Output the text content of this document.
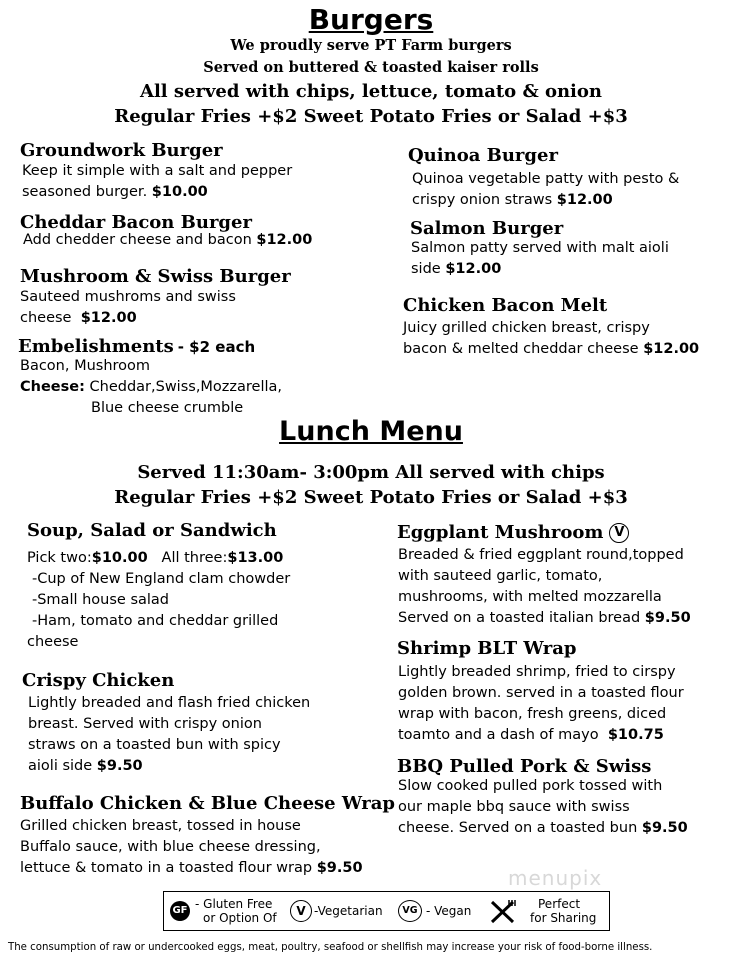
Burgers
We proudly serve PT Farm burgers
Served on buttered & toasted kaiser rolls
All served with chips, lettuce, tomato & onion
Regular Fries +$2 Sweet Potato Fries or Salad +$3
Groundwork Burger
Keep it simple with a salt and pepper
seasoned burger. $10.00
Cheddar Bacon Burger
Add chedder cheese and bacon $12.00
Mushroom & Swiss Burger
Sauteed mushroms and swiss
cheese $12.00
Embelishments - $2 each
Bacon, Mushroom
Cheese: Cheddar,Swiss,Mozzarella,
Blue cheese crumble
Quinoa Burger
Quinoa vegetable patty with pesto &
crispy onion straws $12.00
Salmon Burger
Salmon patty served with malt aioli
side $12.00
Chicken Bacon Melt
Juicy grilled chicken breast, crispy
bacon & melted cheddar cheese $12.00
Lunch Menu
Served 11:30am- 3:00pm All served with chips
Regular Fries +$2 Sweet Potato Fries or Salad +$3
Soup, Salad or Sandwich
Pick two:$10.00 All three:$13.00
-Cup of New England clam chowder
-Small house salad
-Ham, tomato and cheddar grilled
cheese
Crispy Chicken
Lightly breaded and flash fried chicken
breast. Served with crispy onion
straws on a toasted bun with spicy
aioli side $9.50
Buffalo Chicken & Blue Cheese Wrap
Grilled chicken breast, tossed in house
Buffalo sauce, with blue cheese dressing,
lettuce & tomato in a toasted flour wrap $9.50
Eggplant Mushroom V
Breaded & fried eggplant round,topped
with sauteed garlic, tomato,
mushrooms, with melted mozzarella
Served on a toasted italian bread $9.50
Shrimp BLT Wrap
Lightly breaded shrimp, fried to cirspy
golden brown. served in a toasted flour
wrap with bacon, fresh greens, diced
toamto and a dash of mayo $10.75
BBQ Pulled Pork & Swiss
Slow cooked pulled pork tossed with
our maple bbq sauce with swiss
cheese. Served on a toasted bun $9.50
menupix
GF - Gluten Free
or Option Of	V -Vegetarian	VG - Vegan	Perfect
for Sharing
The consumption of raw or undercooked eggs, meat, poultry, seafood or shellfish may increase your risk of food-borne illness.
